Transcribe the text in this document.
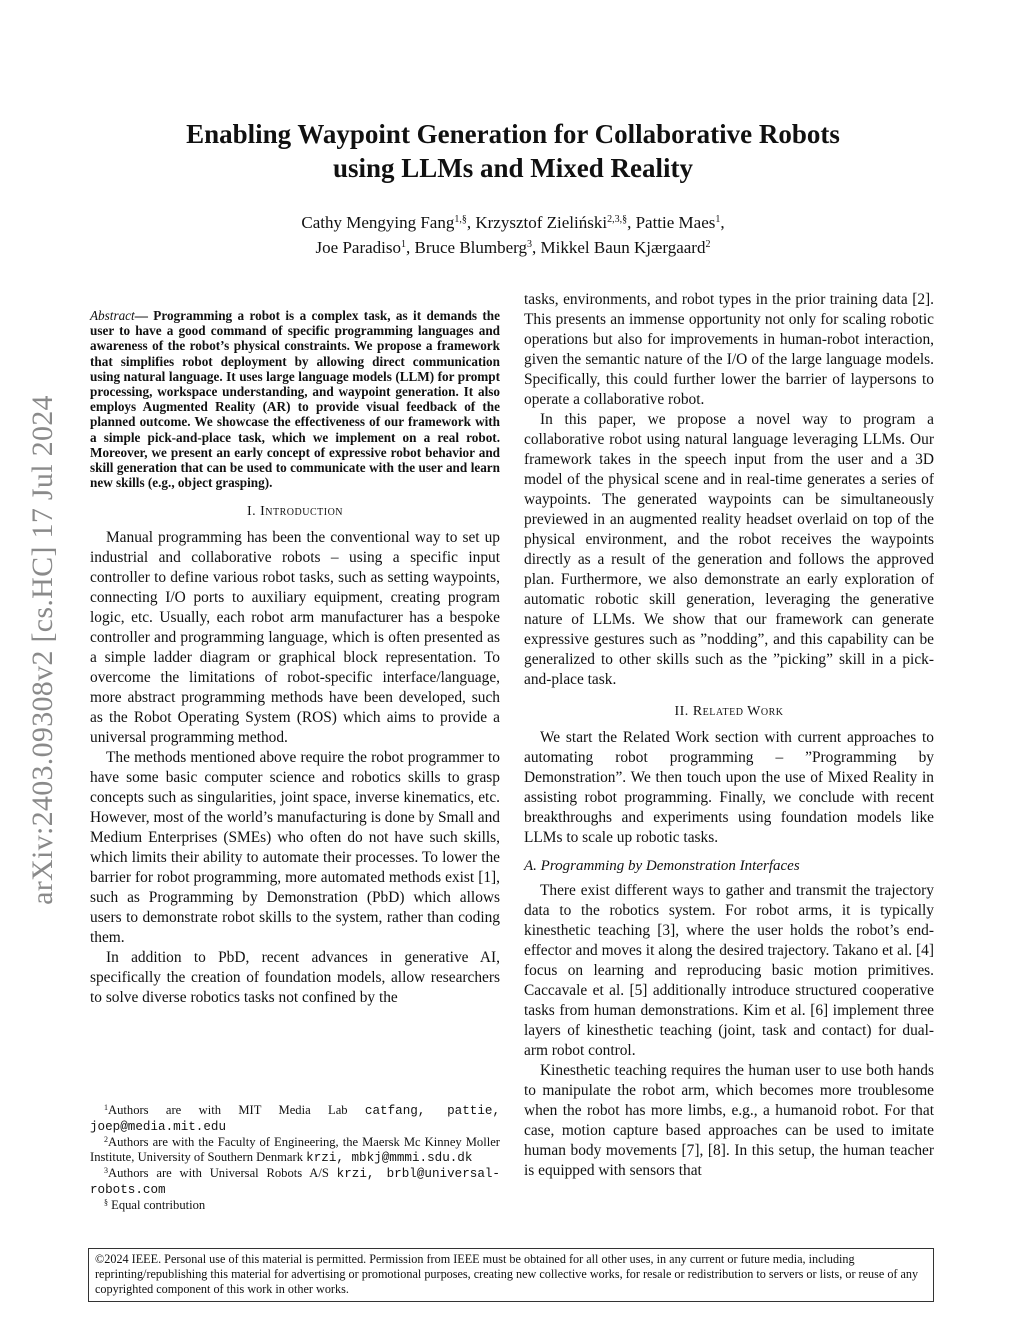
arXiv:2403.09308v2 [cs.HC] 17 Jul 2024
Enabling Waypoint Generation for Collaborative Robots
using LLMs and Mixed Reality
Cathy Mengying Fang$^{1,\S}$, Krzysztof Zieliński$^{2,3,\S}$, Pattie Maes$^1$,
Joe Paradiso$^1$, Bruce Blumberg$^3$, Mikkel Baun Kjærgaard$^2$

Abstract— Programming a robot is a complex task, as it demands the user to have a good command of specific programming languages and awareness of the robot’s physical constraints. We propose a framework that simplifies robot deployment by allowing direct communication using natural language. It uses large language models (LLM) for prompt processing, workspace understanding, and waypoint generation. It also employs Augmented Reality (AR) to provide visual feedback of the planned outcome. We showcase the effectiveness of our framework with a simple pick-and-place task, which we implement on a real robot. Moreover, we present an early concept of expressive robot behavior and skill generation that can be used to communicate with the user and learn new skills (e.g., object grasping).

I. Introduction

Manual programming has been the conventional way to set up industrial and collaborative robots – using a specific input controller to define various robot tasks, such as setting waypoints, connecting I/O ports to auxiliary equipment, creating program logic, etc. Usually, each robot arm manufacturer has a bespoke controller and programming language, which is often presented as a simple ladder diagram or graphical block representation. To overcome the limitations of robot-specific interface/language, more abstract programming methods have been developed, such as the Robot Operating System (ROS) which aims to provide a universal programming method.

The methods mentioned above require the robot programmer to have some basic computer science and robotics skills to grasp concepts such as singularities, joint space, inverse kinematics, etc. However, most of the world’s manufacturing is done by Small and Medium Enterprises (SMEs) who often do not have such skills, which limits their ability to automate their processes. To lower the barrier for robot programming, more automated methods exist [1], such as Programming by Demonstration (PbD) which allows users to demonstrate robot skills to the system, rather than coding them.

In addition to PbD, recent advances in generative AI, specifically the creation of foundation models, allow researchers to solve diverse robotics tasks not confined by the

$^1$Authors are with MIT Media Lab catfang, pattie, joep@media.mit.edu

$^2$Authors are with the Faculty of Engineering, the Maersk Mc Kinney Moller Institute, University of Southern Denmark krzi, mbkj@mmmi.sdu.dk

$^3$Authors are with Universal Robots A/S krzi, brbl@universal-robots.com

§ Equal contribution

tasks, environments, and robot types in the prior training data [2]. This presents an immense opportunity not only for scaling robotic operations but also for improvements in human-robot interaction, given the semantic nature of the I/O of the large language models. Specifically, this could further lower the barrier of laypersons to operate a collaborative robot.

In this paper, we propose a novel way to program a collaborative robot using natural language leveraging LLMs. Our framework takes in the speech input from the user and a 3D model of the physical scene and in real-time generates a series of waypoints. The generated waypoints can be simultaneously previewed in an augmented reality headset overlaid on top of the physical environment, and the robot receives the waypoints directly as a result of the generation and follows the approved plan. Furthermore, we also demonstrate an early exploration of automatic robotic skill generation, leveraging the generative nature of LLMs. We show that our framework can generate expressive gestures such as ”nodding”, and this capability can be generalized to other skills such as the ”picking” skill in a pick-and-place task.

II. Related Work

We start the Related Work section with current approaches to automating robot programming – ”Programming by Demonstration”. We then touch upon the use of Mixed Reality in assisting robot programming. Finally, we conclude with recent breakthroughs and experiments using foundation models like LLMs to scale up robotic tasks.

A. Programming by Demonstration Interfaces

There exist different ways to gather and transmit the trajectory data to the robotics system. For robot arms, it is typically kinesthetic teaching [3], where the user holds the robot’s end-effector and moves it along the desired trajectory. Takano et al. [4] focus on learning and reproducing basic motion primitives. Caccavale et al. [5] additionally introduce structured cooperative tasks from human demonstrations. Kim et al. [6] implement three layers of kinesthetic teaching (joint, task and contact) for dual-arm robot control.

Kinesthetic teaching requires the human user to use both hands to manipulate the robot arm, which becomes more troublesome when the robot has more limbs, e.g., a humanoid robot. For that case, motion capture based approaches can be used to imitate human body movements [7], [8]. In this setup, the human teacher is equipped with sensors that

©2024 IEEE. Personal use of this material is permitted. Permission from IEEE must be obtained for all other uses, in any current or future media, including reprinting/republishing this material for advertising or promotional purposes, creating new collective works, for resale or redistribution to servers or lists, or reuse of any copyrighted component of this work in other works.
